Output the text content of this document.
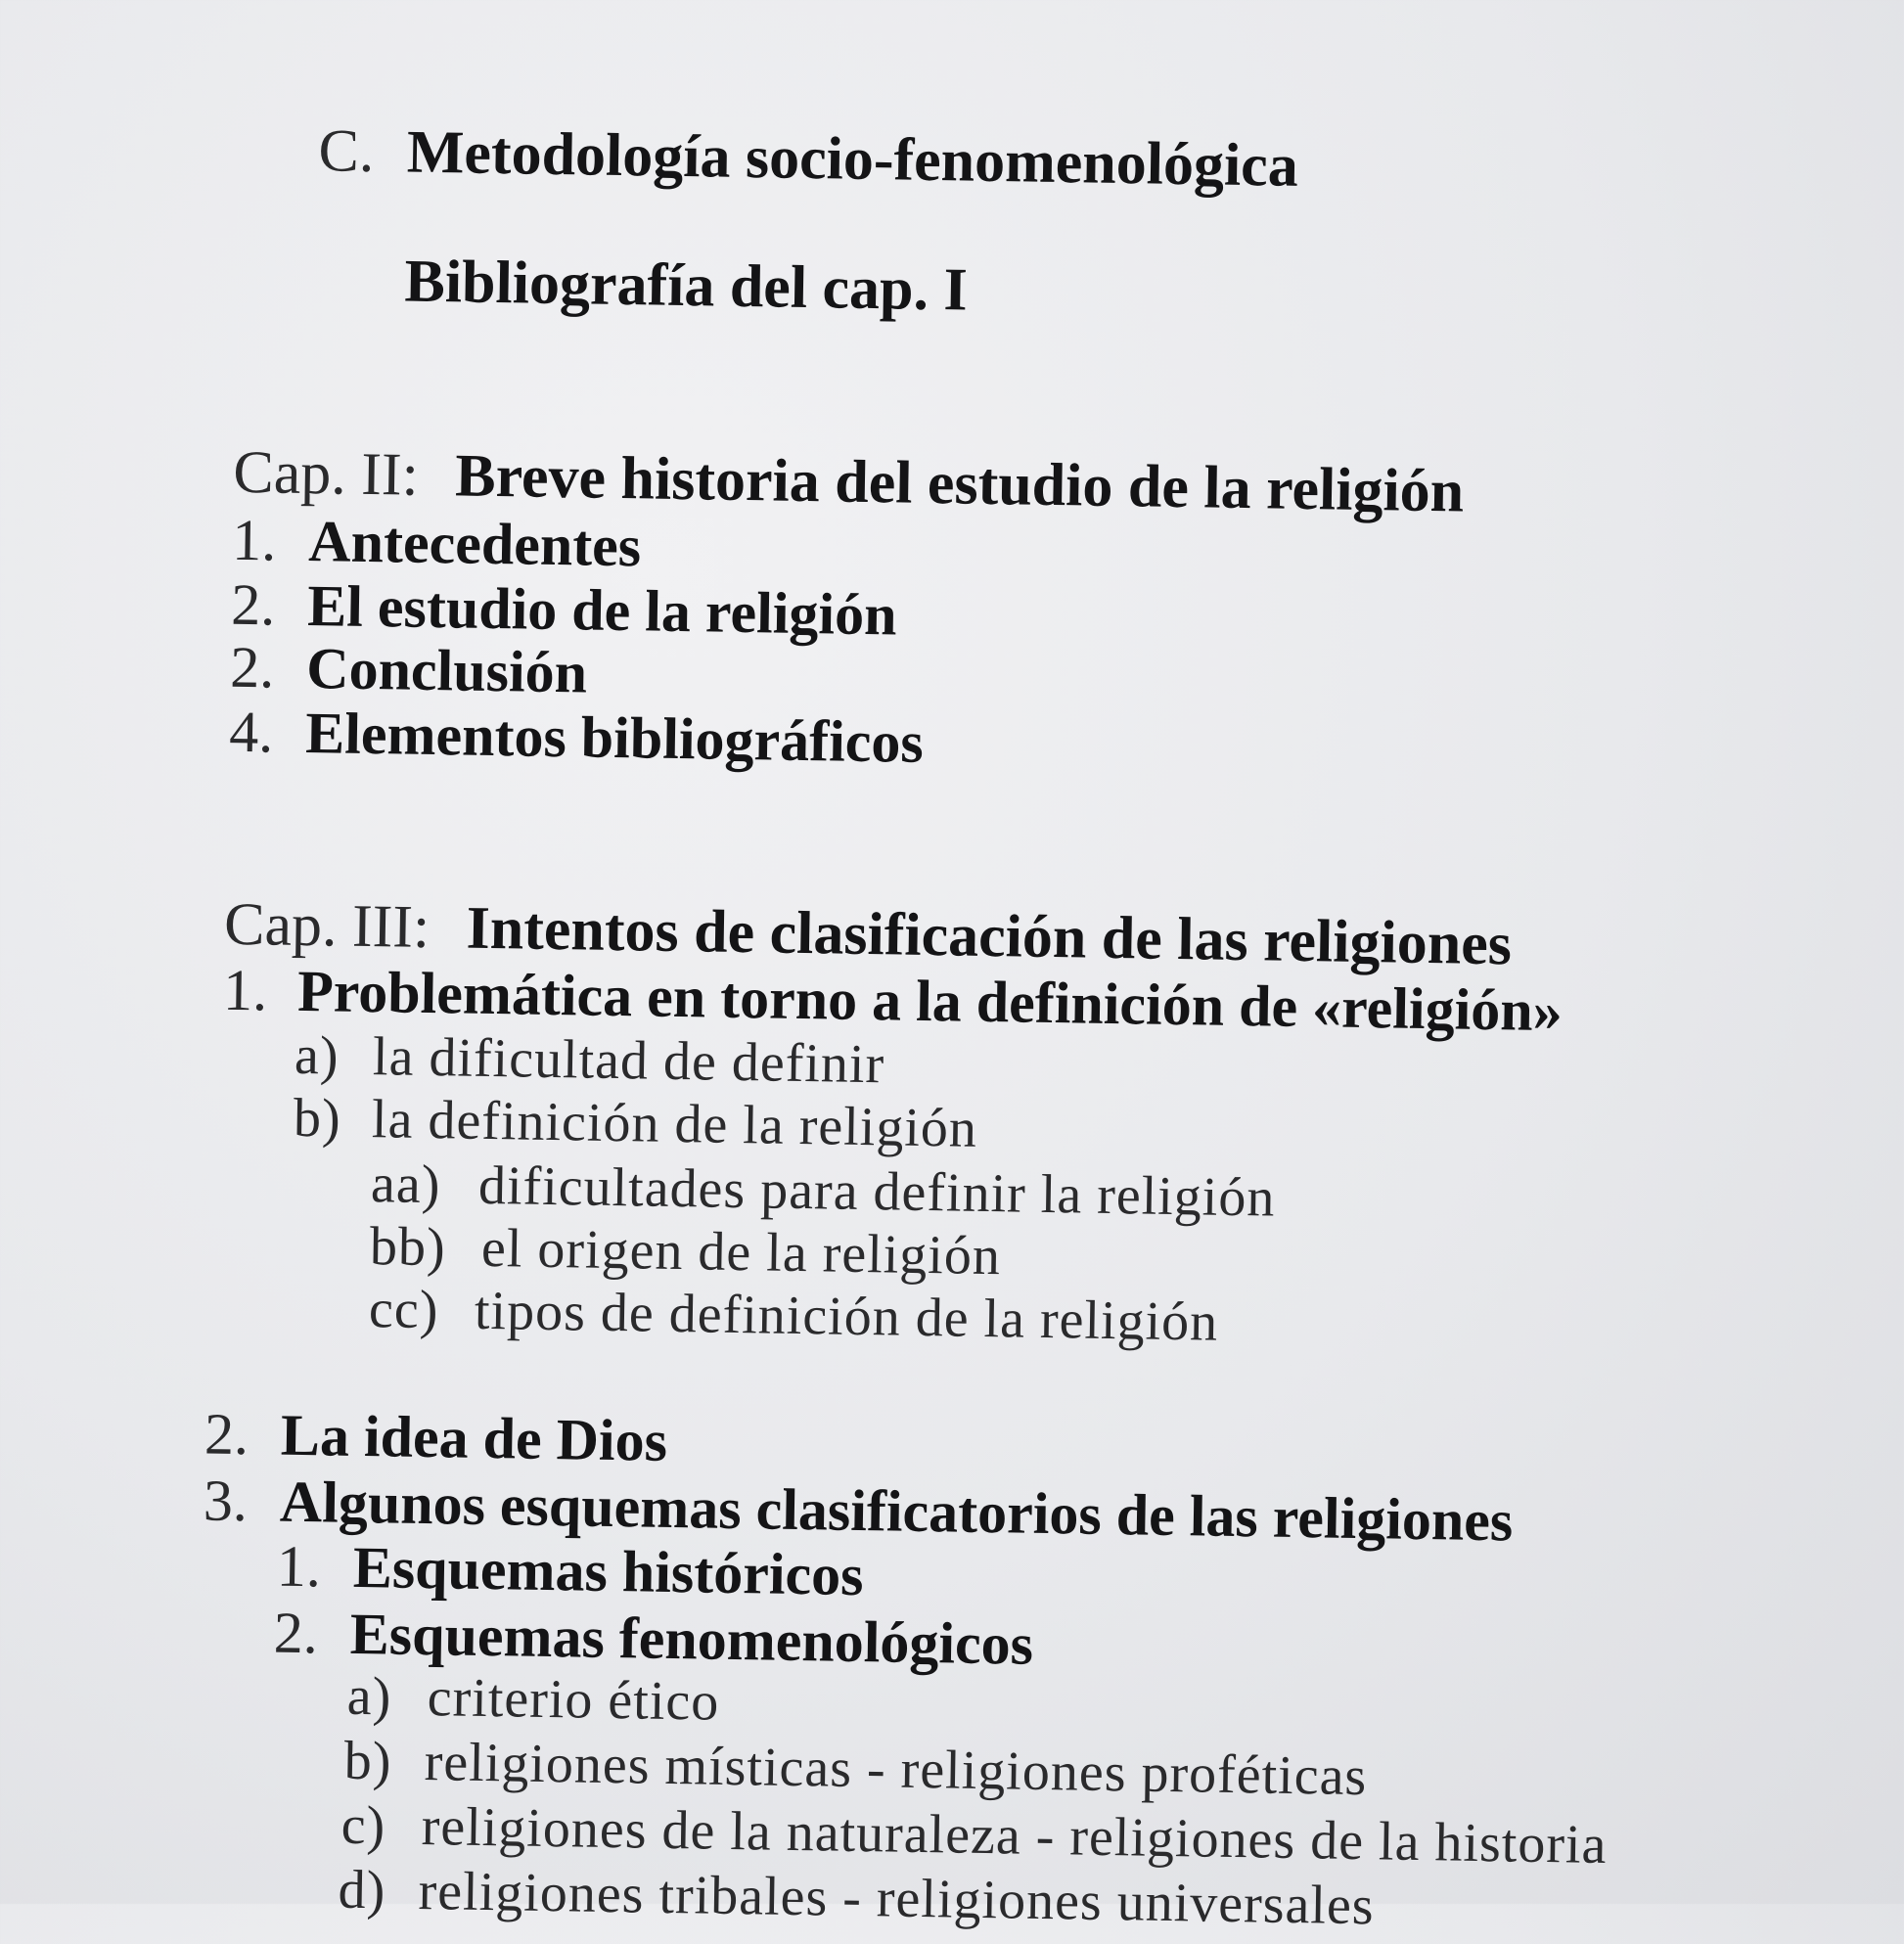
C. Metodología socio-fenomenológica
Bibliografía del cap. I
Cap. II: Breve historia del estudio de la religión
1. Antecedentes
2. El estudio de la religión
2. Conclusión
4. Elementos bibliográficos
Cap. III: Intentos de clasificación de las religiones
1. Problemática en torno a la definición de «religión»
a) la dificultad de definir
b) la definición de la religión
aa) dificultades para definir la religión
bb) el origen de la religión
cc) tipos de definición de la religión
2. La idea de Dios
3. Algunos esquemas clasificatorios de las religiones
1. Esquemas históricos
2. Esquemas fenomenológicos
a) criterio ético
b) religiones místicas - religiones proféticas
c) religiones de la naturaleza - religiones de la historia
d) religiones tribales - religiones universales
